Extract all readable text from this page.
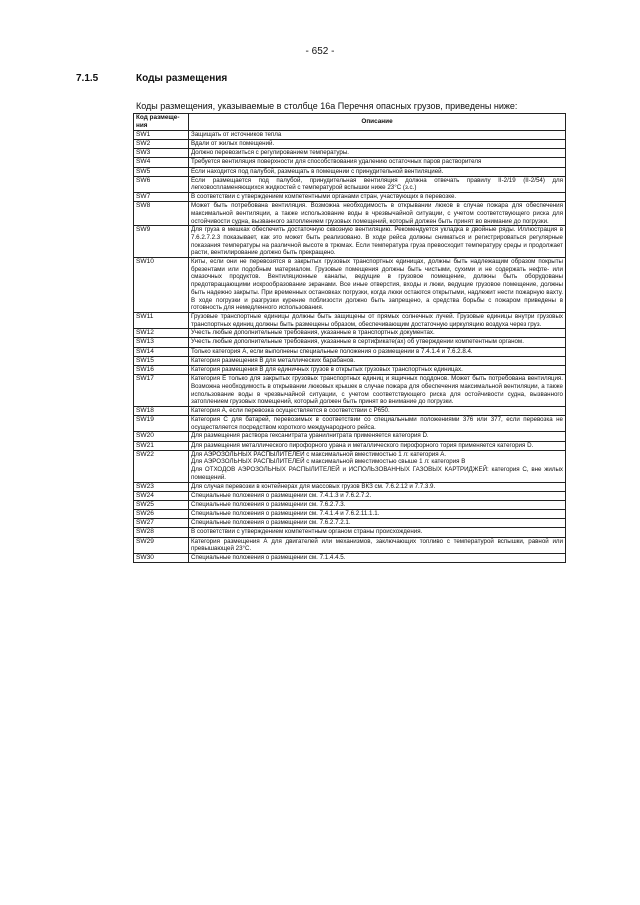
- 652 -
7.1.5	Коды размещения
Коды размещения, указываемые в столбце 16а Перечня опасных грузов, приведены ниже:
Код размеще-ния	Описание
SW1	Защищать от источников тепла

SW2	Вдали от жилых помещений.

SW3	Должно перевозиться с регулированием температуры.

SW4	Требуется вентиляция поверхности для способствования удалению остаточных паров растворителя

SW5	Если находится под палубой, размещать в помещении с принудительной вентиляцией.

SW6	Если размещается под палубой, принудительная вентиляция должна отвечать правилу II-2/19 (II-2/54) для легковоспламеняющихся жидкостей с температурой вспышки ниже 23°C (з.с.)

SW7	В соответствии с утверждением компетентными органами стран, участвующих в перевозке.

SW8	Может быть потребована вентиляция. Возможна необходимость в открывании люков в случае пожара для обеспечения максимальной вентиляции, а также использование воды в чрезвычайной ситуации, с учетом соответствующего риска для остойчивости судна, вызванного затоплением грузовых помещений, который должен быть принят во внимание до погрузки.

SW9	Для груза в мешках обеспечить достаточную сквозную вентиляцию. Рекомендуется укладка в двойные ряды. Иллюстрация в 7.6.2.7.2.3 показывает, как это может быть реализовано. В ходе рейса должны сниматься и регистрироваться регулярные показания температуры на различной высоте в трюмах. Если температура груза превосходит температуру среды и продолжает расти, вентилирование должно быть прекращено.

SW10	Киты, если они не перевозятся в закрытых грузовых транспортных единицах, должны быть надлежащим образом покрыты брезентами или подобным материалом. Грузовые помещения должны быть чистыми, сухими и не содержать нефте- или смазочных продуктов. Вентиляционные каналы, ведущие в грузовое помещение, должны быть оборудованы предотвращающими искрообразование экранами. Все иные отверстия, входы и люки, ведущие грузовое помещение, должны быть надежно закрыты. При временных остановках погрузки, когда люки остаются открытыми, надлежит нести пожарную вахту. В ходе погрузки и разгрузки курение поблизости должно быть запрещено, а средства борьбы с пожаром приведены в готовность для немедленного использования.

SW11	Грузовые транспортные единицы должны быть защищены от прямых солнечных лучей. Грузовые единицы внутри грузовых транспортных единиц должны быть размещены образом, обеспечивающим достаточную циркуляцию воздуха через груз.

SW12	Учесть любые дополнительные требования, указанные в транспортных документах.

SW13	Учесть любые дополнительные требования, указанные в сертификате(ах) об утверждении компетентным органом.

SW14	Только категория А, если выполнены специальные положения о размещении в 7.4.1.4 и 7.6.2.8.4.

SW15	Категория размещения В для металлических барабанов.

SW16	Категория размещения В для единичных грузов в открытых грузовых транспортных единицах.

SW17	Категория Е только для закрытых грузовых транспортных единиц и ящичных поддонов. Может быть потребована вентиляция. Возможна необходимость в открывании люковых крышек в случае пожара для обеспечения максимальной вентиляции, а также использование воды в чрезвычайной ситуации, с учетом соответствующего риска для остойчивости судна, вызванного затоплением грузовых помещений, который должен быть принят во внимание до погрузки.

SW18	Категория А, если перевозка осуществляется в соответствии с Р650.

SW19	Категория С для батарей, перевозимых в соответствии со специальными положениями 376 или 377, если перевозка не осуществляется посредством короткого международного рейса.

SW20	Для размещения раствора гексанитрата уранилнитрата применяется категория D.

SW21	Для размещения металлического пирофорного урана и металлического пирофорного тория применяется категория D.

SW22	Для АЭРОЗОЛЬНЫХ РАСПЫЛИТЕЛЕЙ с максимальной вместимостью 1 л: категория А.
Для АЭРОЗОЛЬНЫХ РАСПЫЛИТЕЛЕЙ с максимальной вместимостью свыше 1 л: категория В
Для ОТХОДОВ АЭРОЗОЛЬНЫХ РАСПЫЛИТЕЛЕЙ и ИСПОЛЬЗОВАННЫХ ГАЗОВЫХ КАРТРИДЖЕЙ: категория С, вне жилых помещений.

SW23	Для случая перевозки в контейнерах для массовых грузов ВКЗ см. 7.6.2.12 и 7.7.3.9.

SW24	Специальные положения о размещении см. 7.4.1.3 и 7.6.2.7.2.

SW25	Специальные положения о размещении см. 7.6.2.7.3.

SW26	Специальные положения о размещении см. 7.4.1.4 и 7.6.2.11.1.1.

SW27	Специальные положения о размещении см. 7.6.2.7.2.1.

SW28	В соответствии с утверждением компетентным органом страны происхождения.

SW29	Категория размещения А для двигателей или механизмов, заключающих топливо с температурой вспышки, равной или превышающей 23°C.

SW30	Специальные положения о размещении см. 7.1.4.4.5.
